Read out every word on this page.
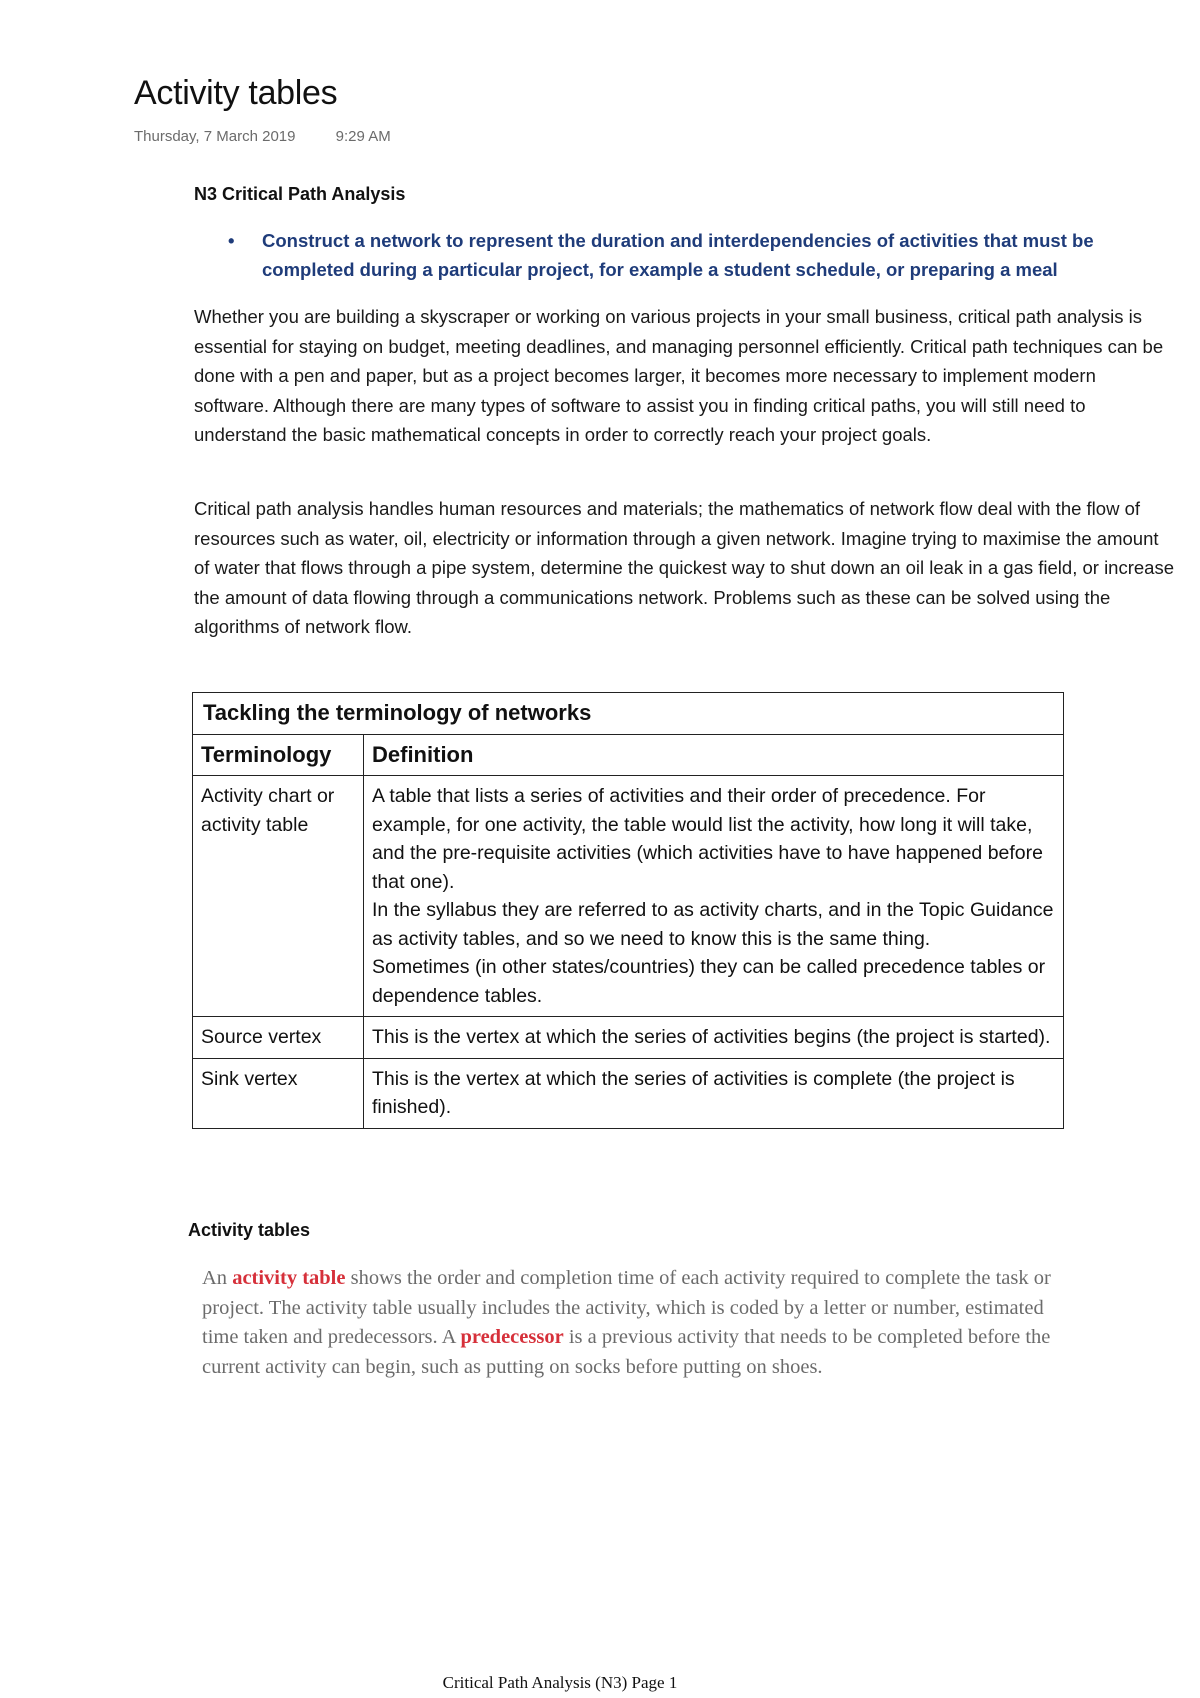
Activity tables
Thursday, 7 March 2019	9:29 AM
N3 Critical Path Analysis
• Construct a network to represent the duration and interdependencies of activities that must be completed during a particular project, for example a student schedule, or preparing a meal
Whether you are building a skyscraper or working on various projects in your small business, critical path analysis is essential for staying on budget, meeting deadlines, and managing personnel efficiently. Critical path techniques can be done with a pen and paper, but as a project becomes larger, it becomes more necessary to implement modern software. Although there are many types of software to assist you in finding critical paths, you will still need to understand the basic mathematical concepts in order to correctly reach your project goals.
Critical path analysis handles human resources and materials; the mathematics of network flow deal with the flow of resources such as water, oil, electricity or information through a given network. Imagine trying to maximise the amount of water that flows through a pipe system, determine the quickest way to shut down an oil leak in a gas field, or increase the amount of data flowing through a communications network. Problems such as these can be solved using the algorithms of network flow.
Tackling the terminology of networks	
Terminology	Definition
Activity chart or activity table	A table that lists a series of activities and their order of precedence. For example, for one activity, the table would list the activity, how long it will take, and the pre-requisite activities (which activities have to have happened before that one).
In the syllabus they are referred to as activity charts, and in the Topic Guidance as activity tables, and so we need to know this is the same thing.
Sometimes (in other states/countries) they can be called precedence tables or dependence tables.

Source vertex	This is the vertex at which the series of activities begins (the project is started).

Sink vertex	This is the vertex at which the series of activities is complete (the project is finished).
Activity tables
An activity table shows the order and completion time of each activity required to complete the task or project. The activity table usually includes the activity, which is coded by a letter or number, estimated time taken and predecessors. A predecessor is a previous activity that needs to be completed before the current activity can begin, such as putting on socks before putting on shoes.
Critical Path Analysis (N3) Page 1
